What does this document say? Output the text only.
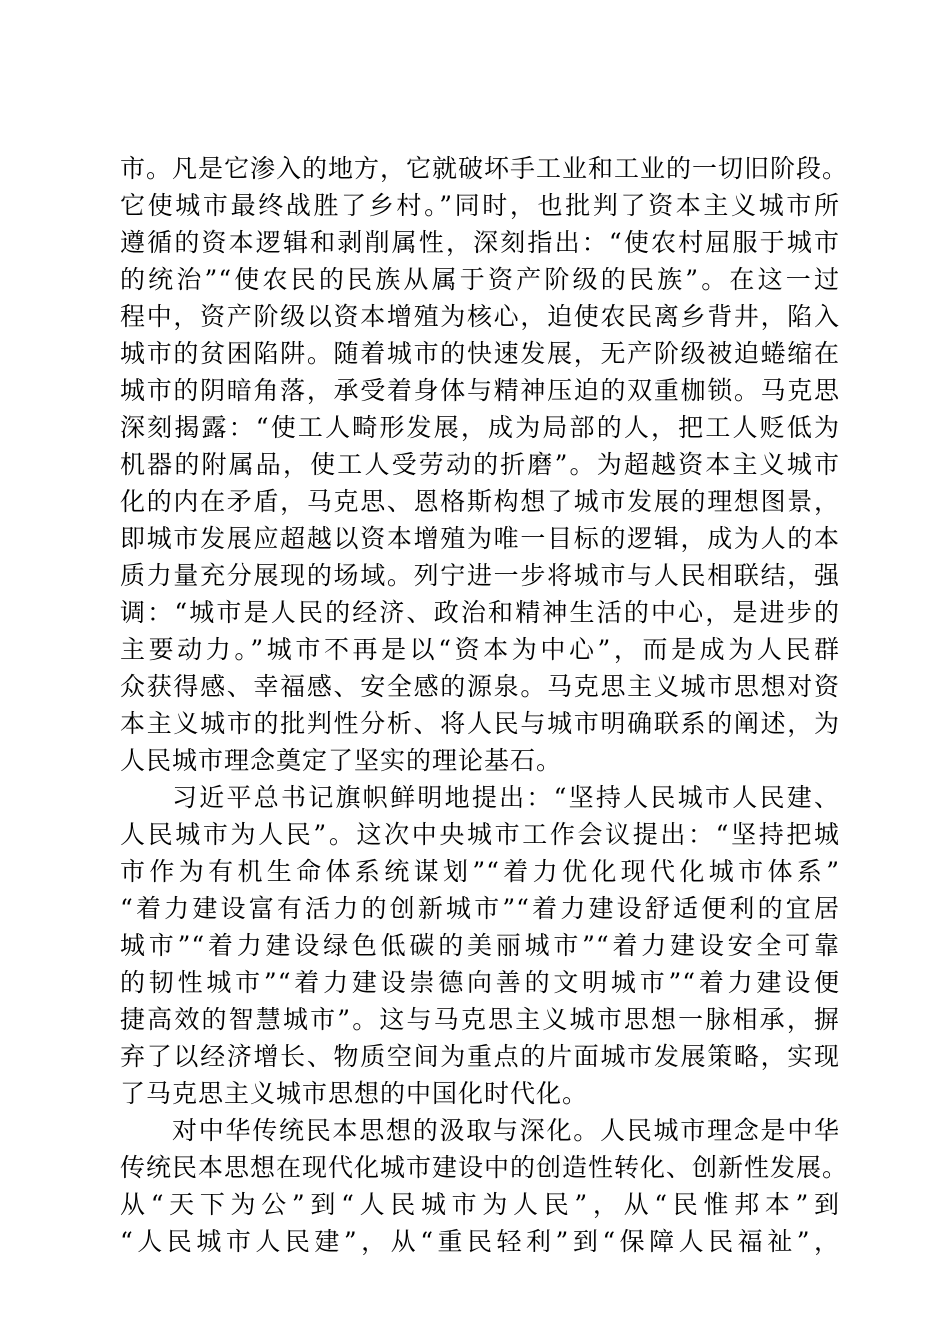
市。凡是它渗入的地方，它就破坏手工业和工业的一切旧阶段。
它使城市最终战胜了乡村。”同时，也批判了资本主义城市所
遵循的资本逻辑和剥削属性，深刻指出：“使农村屈服于城市
的统治”“使农民的民族从属于资产阶级的民族”。在这一过
程中，资产阶级以资本增殖为核心，迫使农民离乡背井，陷入
城市的贫困陷阱。随着城市的快速发展，无产阶级被迫蜷缩在
城市的阴暗角落，承受着身体与精神压迫的双重枷锁。马克思
深刻揭露：“使工人畸形发展，成为局部的人，把工人贬低为
机器的附属品，使工人受劳动的折磨”。为超越资本主义城市
化的内在矛盾，马克思、恩格斯构想了城市发展的理想图景，
即城市发展应超越以资本增殖为唯一目标的逻辑，成为人的本
质力量充分展现的场域。列宁进一步将城市与人民相联结，强
调：“城市是人民的经济、政治和精神生活的中心，是进步的
主要动力。”城市不再是以“资本为中心”，而是成为人民群
众获得感、幸福感、安全感的源泉。马克思主义城市思想对资
本主义城市的批判性分析、将人民与城市明确联系的阐述，为
人民城市理念奠定了坚实的理论基石。
习近平总书记旗帜鲜明地提出：“坚持人民城市人民建、
人民城市为人民”。这次中央城市工作会议提出：“坚持把城
市作为有机生命体系统谋划”“着力优化现代化城市体系”
“着力建设富有活力的创新城市”“着力建设舒适便利的宜居
城市”“着力建设绿色低碳的美丽城市”“着力建设安全可靠
的韧性城市”“着力建设崇德向善的文明城市”“着力建设便
捷高效的智慧城市”。这与马克思主义城市思想一脉相承，摒
弃了以经济增长、物质空间为重点的片面城市发展策略，实现
了马克思主义城市思想的中国化时代化。
对中华传统民本思想的汲取与深化。人民城市理念是中华
传统民本思想在现代化城市建设中的创造性转化、创新性发展。
从“天下为公”到“人民城市为人民”，从“民惟邦本”到
“人民城市人民建”，从“重民轻利”到“保障人民福祉”，
